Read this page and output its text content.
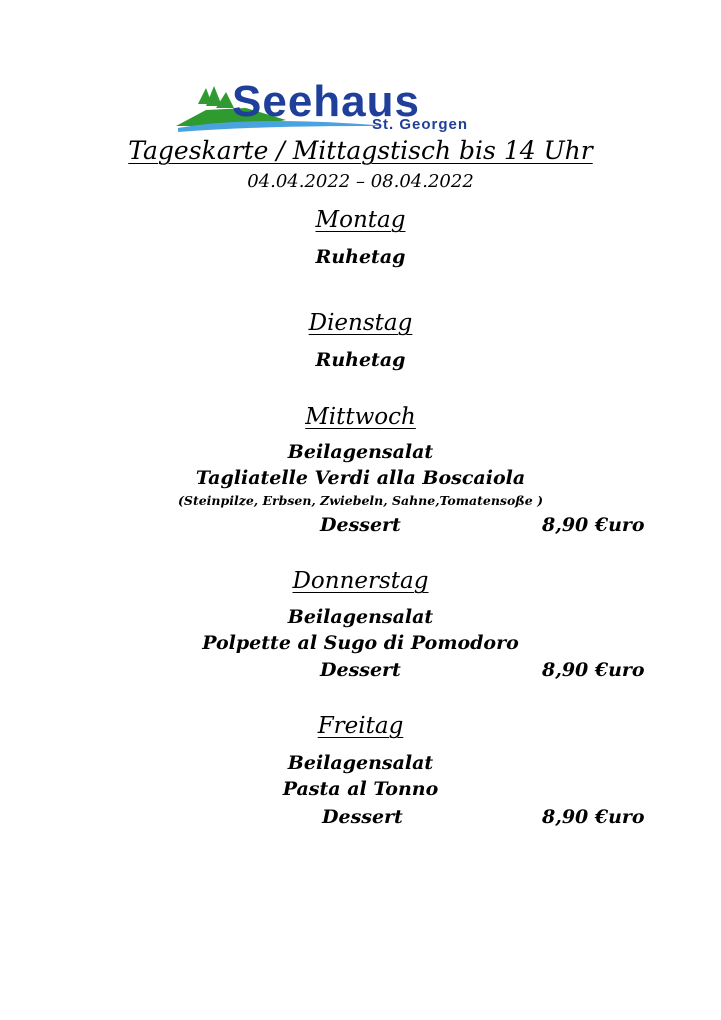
Seehaus
St. Georgen
Tageskarte / Mittagstisch bis 14 Uhr
04.04.2022 – 08.04.2022
Montag
Ruhetag
Dienstag
Ruhetag
Mittwoch
Beilagensalat
Tagliatelle Verdi alla Boscaiola
(Steinpilze, Erbsen, Zwiebeln, Sahne,Tomatensoße )
Dessert	8,90 €uro
Donnerstag
Beilagensalat
Polpette al Sugo di Pomodoro
Dessert	8,90 €uro
Freitag
Beilagensalat
Pasta al Tonno
Dessert	8,90 €uro
